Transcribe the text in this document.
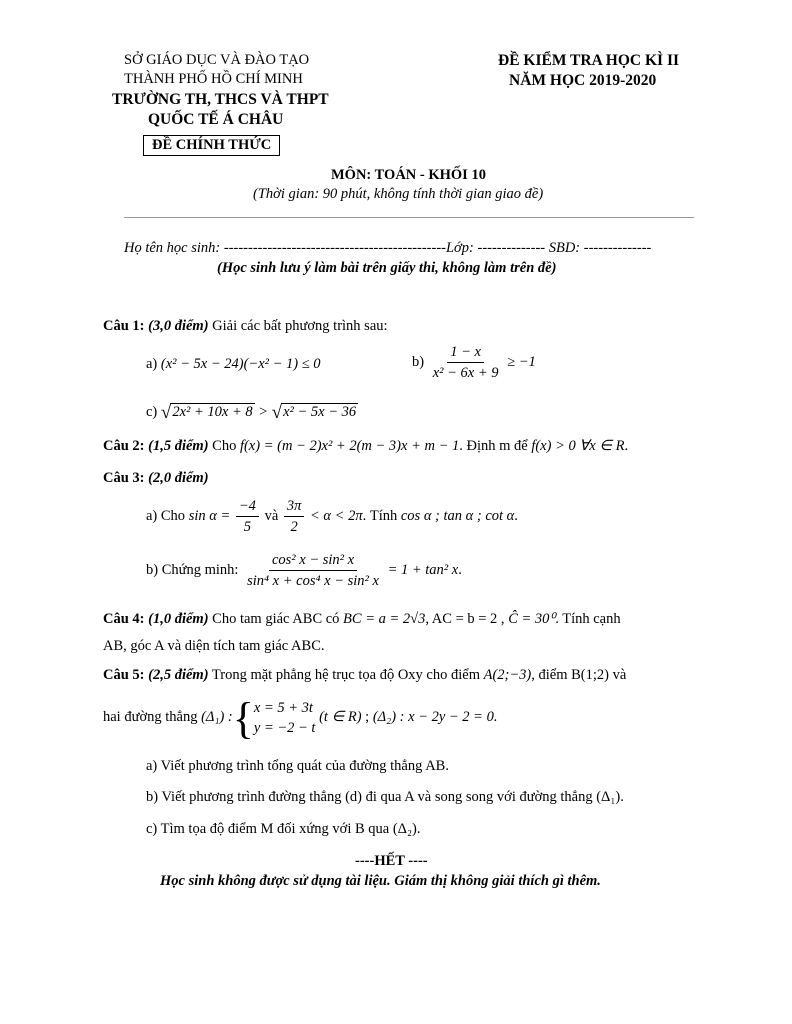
SỞ GIÁO DỤC VÀ ĐÀO TẠO
THÀNH PHỐ HỒ CHÍ MINH
TRƯỜNG TH, THCS VÀ THPT
QUỐC TẾ Á CHÂU
ĐỀ CHÍNH THỨC
ĐỀ KIỂM TRA HỌC KÌ II
NĂM HỌC 2019-2020
MÔN: TOÁN - KHỐI 10
(Thời gian: 90 phút, không tính thời gian giao đề)
Họ tên học sinh: ----------------------------------------------Lớp: -------------- SBD: --------------
(Học sinh lưu ý làm bài trên giấy thi, không làm trên đề)
Câu 1: (3,0 điểm) Giải các bất phương trình sau:
a) (x² − 5x − 24)(−x² − 1) ≤ 0	$b) \frac{1 - x}{\text{x² − 6x + 9}} \ge -1$
c) √2x² + 10x + 8 > √x² − 5x − 36
Câu 2: (1,5 điểm) Cho f(x) = (m − 2)x² + 2(m − 3)x + m − 1. Định m để f(x) > 0 ∀x ∈ R.
Câu 3: (2,0 điểm)
a) Cho $\sin \alpha = \frac{-4}{5}$ và $\frac{3\pi}{2} < \alpha < 2\pi$. Tính cos α ; tan α ; cot α.
b) Chứng minh: $\frac{\text{cos² x − sin² x}}{\text{sin⁴ x + cos⁴ x − sin² x}} = 1 + \tan^2$ x.
Câu 4: (1,0 điểm) Cho tam giác ABC có BC = a = 2√3, AC = b = 2 , Ĉ = 30⁰. Tính cạnh
AB, góc A và diện tích tam giác ABC.
Câu 5: (2,5 điểm) Trong mặt phẳng hệ trục tọa độ Oxy cho điểm A(2;−3), điểm B(1;2) và
hai đường thẳng (Δ₁) :{ x = 5 + 3t
y = −2 − t
(t ∈ R) ; (Δ₂) : x − 2y − 2 = 0.
a) Viết phương trình tổng quát của đường thẳng AB.
b) Viết phương trình đường thẳng (d) đi qua A và song song với đường thẳng (Δ₁).
c) Tìm tọa độ điểm M đối xứng với B qua (Δ₂).
----HẾT ----
Học sinh không được sử dụng tài liệu. Giám thị không giải thích gì thêm.
